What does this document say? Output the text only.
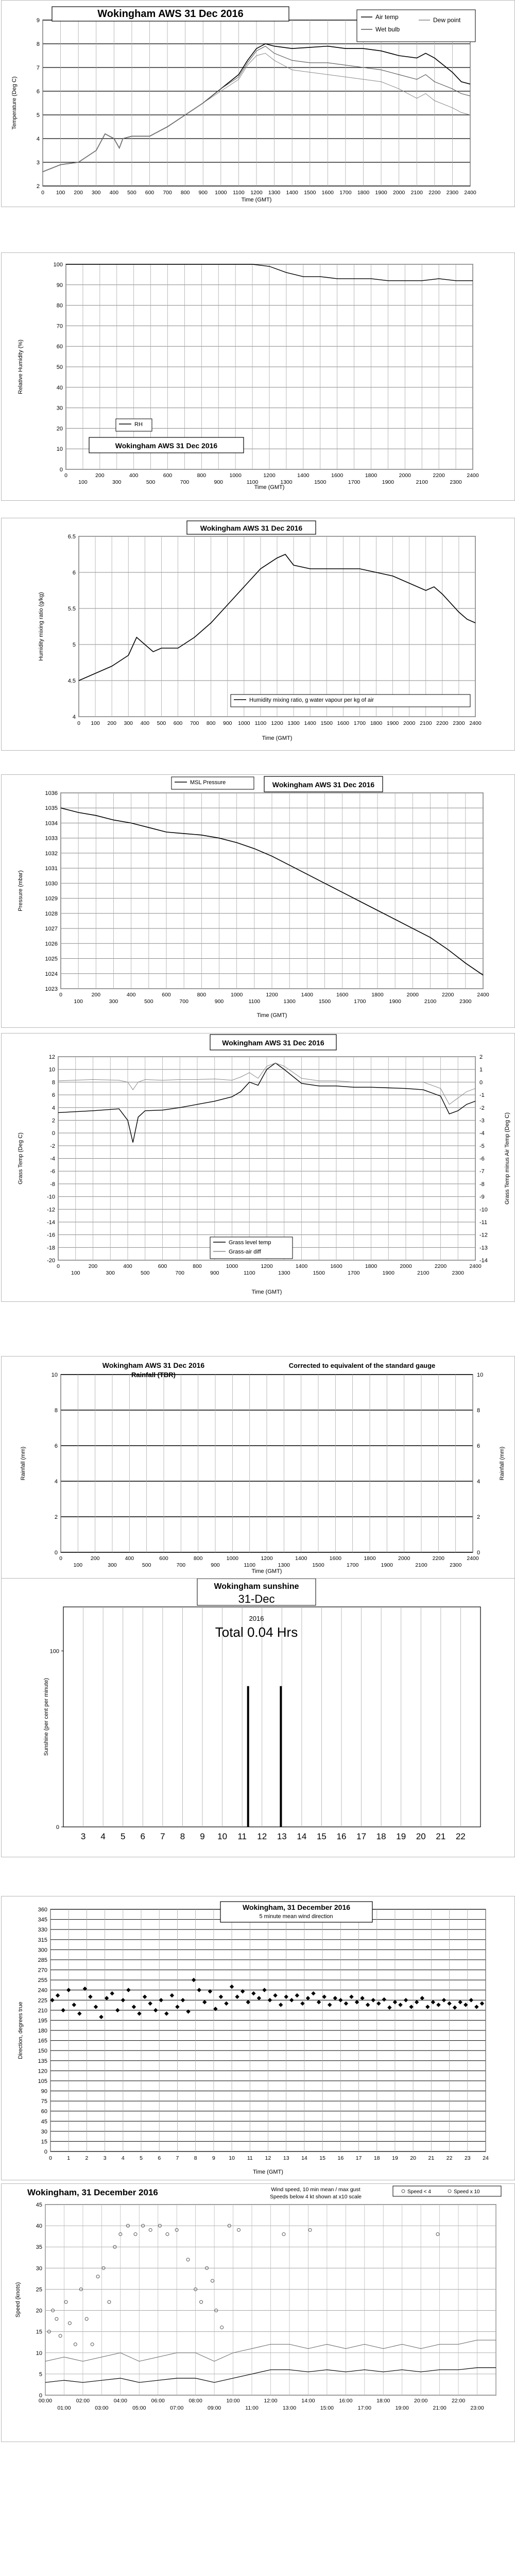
2
3
4
5
6
7
8
9
0 100 200 300 400 500 600 700 800 900 1000 1100 1200 1300 1400 1500 1600 1700 1800 1900 2000 2100 2200 2300 2400
Temperature (Deg C)
Time (GMT)
Wokingham AWS 31 Dec 2016	Air temp	Dew point
Wet bulb
0
10
20
30
40
50
60
70
80
90
100
0
100
200
300
400
500
600
700
800
900
1000
1100
1200
1300
1400
1500
1600
1700
1800
1900
2000
2100
2200
2300
2400
Relative Humidity (%)
Time (GMT)
Wokingham AWS 31 Dec 2016
RH
4
4.5
5
5.5
6
6.5
0 100 200 300 400 500 600 700 800 900 1000 1100 1200 1300 1400 1500 1600 1700 1800 1900 2000 2100 2200 2300 2400
Humidity mixing ratio (g/kg)
Time (GMT)
Wokingham AWS 31 Dec 2016
Humidity mixing ratio, g water vapour per kg of air
1023
1024
1025
1026
1027
1028
1029
1030
1031
1032
1033
1034
1035
1036
0
100
200
300
400
500
600
700
800
900
1000
1100
1200
1300
1400
1500
1600
1700
1800
1900
2000
2100
2200
2300
2400
Pressure (mbar)
Time (GMT)
Wokingham AWS 31 Dec 2016
MSL Pressure
-20
-18
-16
-14
-12
-10
-8
-6
-4
-2
0
2
4
6
8
10
12
0
100
200
300
400
500
600
700
800
900
1000
1100
1200
1300
1400
1500
1600
1700
1800
1900
2000
2100
2200
2300
2400
2
1
0
-1
-2
-3
-4
-5
-6
-7
-8
-9
-10
-11
-12
-13
-14
Grass Temp (Deg C)
Time (GMT)
Grass Temp minus Air Temp (Deg C)
Wokingham AWS 31 Dec 2016
Grass level temp
Grass-air diff
0
2
4
6
8
10
0
100
200
300
400
500
600
700
800
900
1000
1100
1200
1300
1400
1500
1600
1700
1800
1900
2000
2100
2200
2300
2400
0
2
4
6
8
10
Rainfall (mm)
Time (GMT)
Rainfall (mm)
Wokingham AWS 31 Dec 2016
Rainfall (TBR)
Corrected to equivalent of the standard gauge
3 4 5 6 7 8 9 10 11 12 13 14 15 16 17 18 19 20 21 22
0
100
Sunshine (per cent per minute)
Wokingham sunshine
31-Dec
2016
Total 0.04 Hrs
0
15
30
45
60
75
90
105
120
135
150
165
180
195
210
225
240
255
270
285
300
315
330
345
360
0	1	2	3	4	5	6	7	8	9	10 11 12 13 14 15 16 17 18 19 20 21 22 23 24
Direction, degrees true
Time (GMT)
Wokingham, 31 December 2016
5 minute mean wind direction
0
5
10
15
20
25
30
35
40
45
00:00	02:00	04:00	06:00	08:00	10:00	12:00	14:00	16:00	18:00	20:00	22:00
01:00	03:00	05:00	07:00	09:00	11:00	13:00	15:00	17:00	19:00	21:00	23:00
Speed (knots)
Wokingham, 31 December 2016	Wind speed, 10 min mean / max gust
Speeds below 4 kt shown at x10 scale
Speed < 4	Speed x 10
